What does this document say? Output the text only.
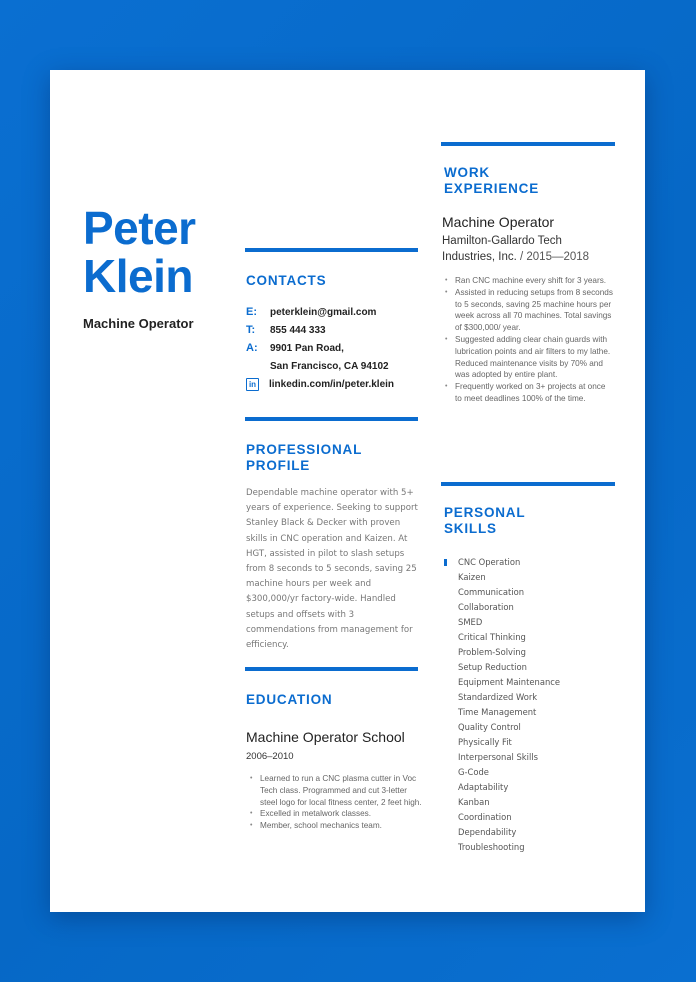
Peter
Klein
Machine Operator
CONTACTS
E:	peterklein@gmail.com
T:	855 444 333
A:	9901 Pan Road,
San Francisco, CA 94102
in linkedin.com/in/peter.klein
PROFESSIONAL
PROFILE
Dependable machine operator with 5+ years of experience. Seeking to support Stanley Black & Decker with proven skills in CNC operation and Kaizen. At HGT, assisted in pilot to slash setups from 8 seconds to 5 seconds, saving 25 machine hours per week and $300,000/yr factory-wide. Handled setups and offsets with 3 commendations from management for efficiency.
EDUCATION
Machine Operator School
2006–2010
• Learned to run a CNC plasma cutter in Voc Tech class. Programmed and cut 3-letter steel logo for local fitness center, 2 feet high.
• Excelled in metalwork classes.
• Member, school mechanics team.
WORK
EXPERIENCE
Machine Operator
Hamilton-Gallardo Tech Industries, Inc. / 2015—2018
• Ran CNC machine every shift for 3 years.
• Assisted in reducing setups from 8 seconds to 5 seconds, saving 25 machine hours per week across all 70 machines. Total savings of $300,000/ year.
• Suggested adding clear chain guards with lubrication points and air filters to my lathe. Reduced maintenance visits by 70% and was adopted by entire plant.
• Frequently worked on 3+ projects at once to meet deadlines 100% of the time.
PERSONAL
SKILLS
CNC Operation
Kaizen
Communication
Collaboration
SMED
Critical Thinking
Problem-Solving
Setup Reduction
Equipment Maintenance
Standardized Work
Time Management
Quality Control
Physically Fit
Interpersonal Skills
G-Code
Adaptability
Kanban
Coordination
Dependability
Troubleshooting
